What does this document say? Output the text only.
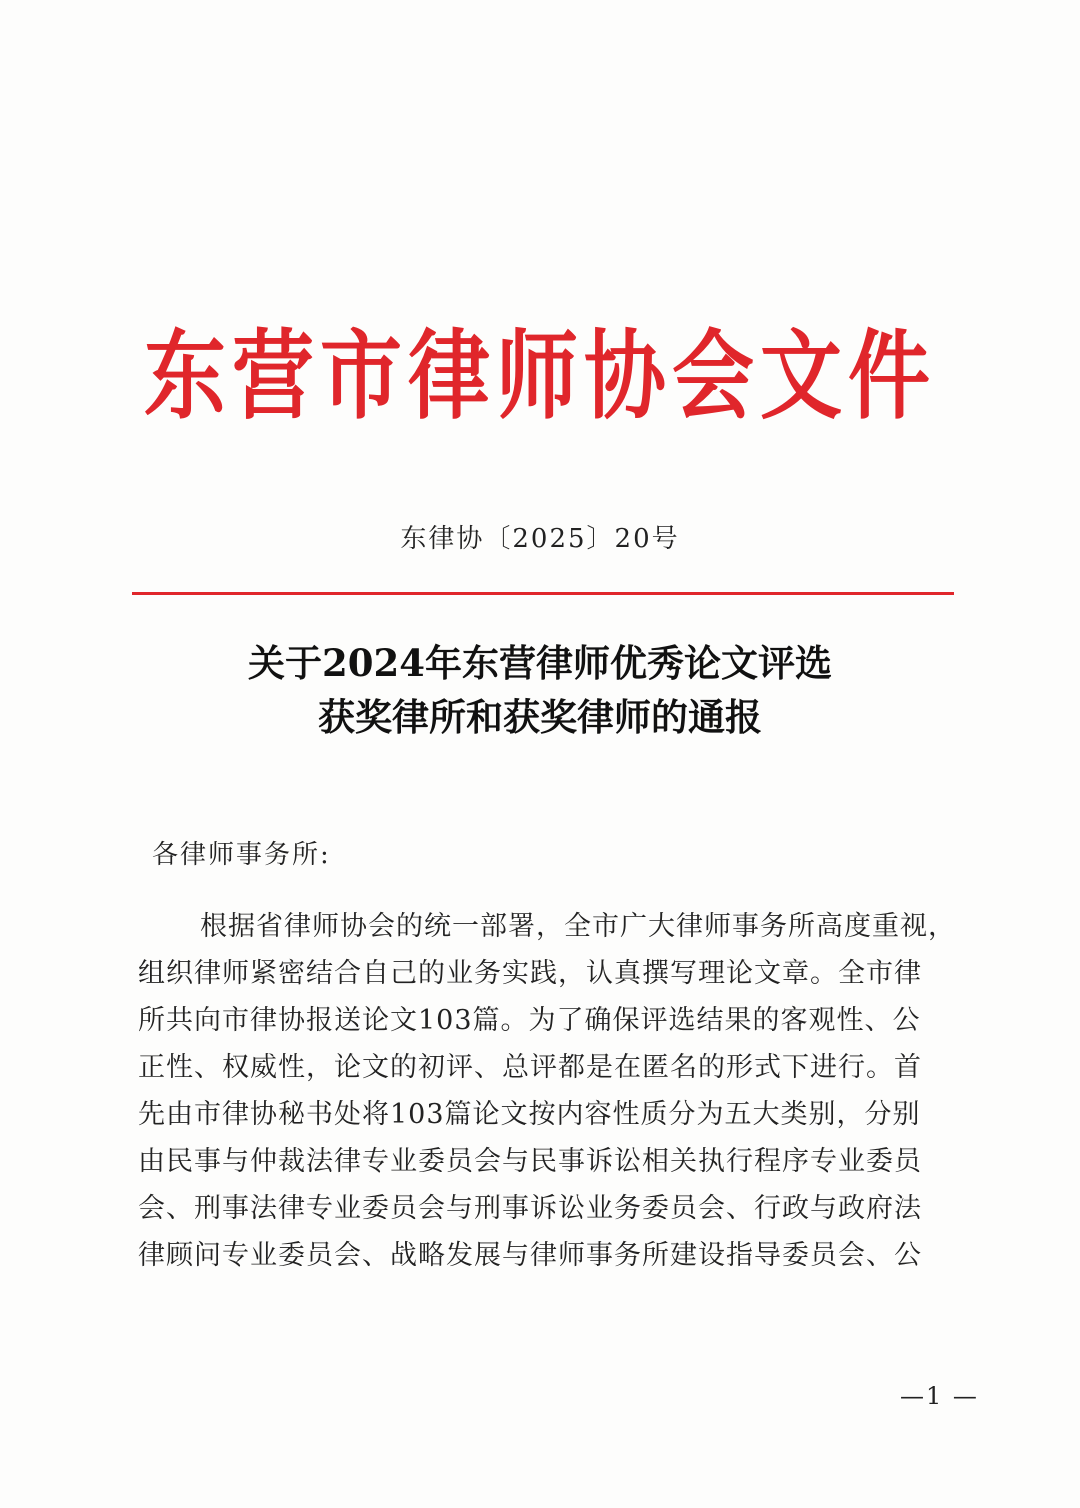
东营市律师协会文件
东律协〔2025〕20号
关于2024年东营律师优秀论文评选
获奖律所和获奖律师的通报
各律师事务所:
根据省律师协会的统一部署，全市广大律师事务所高度重视，
组织律师紧密结合自己的业务实践，认真撰写理论文章。全市律
所共向市律协报送论文103篇。为了确保评选结果的客观性、公
正性、权威性，论文的初评、总评都是在匿名的形式下进行。首
先由市律协秘书处将103篇论文按内容性质分为五大类别，分别
由民事与仲裁法律专业委员会与民事诉讼相关执行程序专业委员
会、刑事法律专业委员会与刑事诉讼业务委员会、行政与政府法
律顾问专业委员会、战略发展与律师事务所建设指导委员会、公
—1 —
